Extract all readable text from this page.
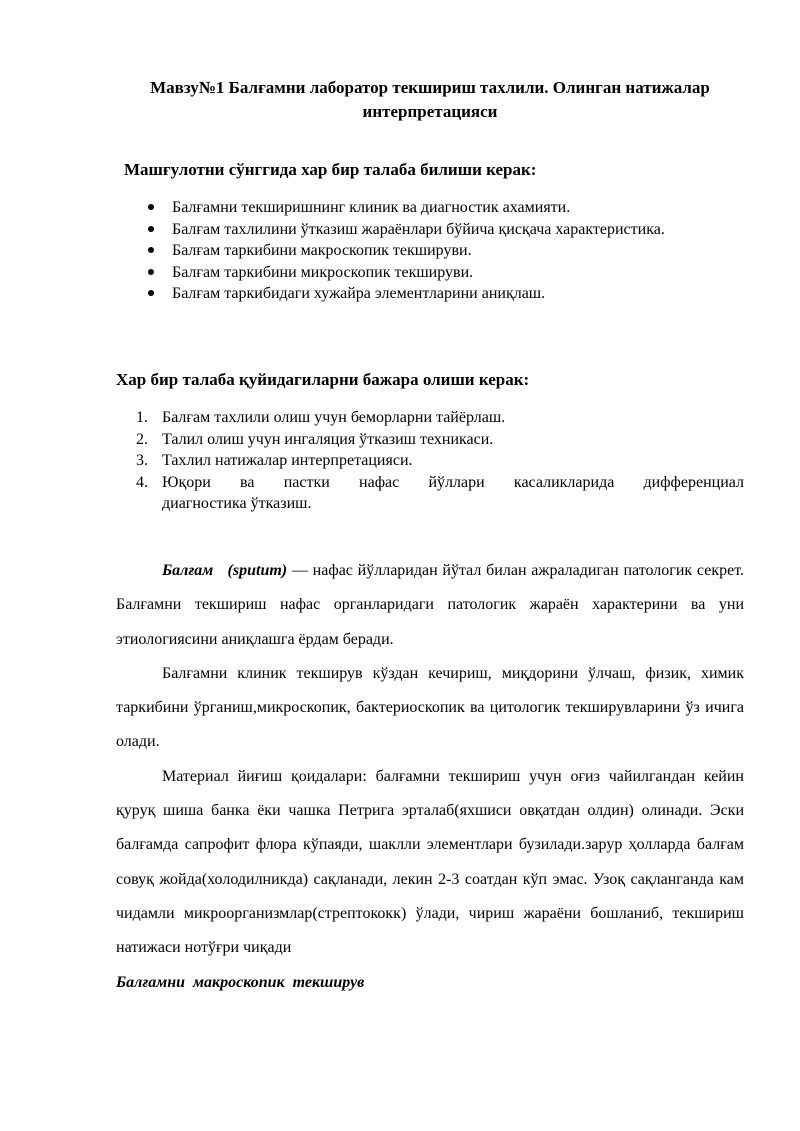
Мавзу№1 Балғамни лаборатор текшириш тахлили. Олинган натижалар интерпретацияси
Машғулотни сўнггида хар бир талаба билиши керак:
Балғамни текширишнинг клиник ва диагностик ахамияти.
Балғам тахлилини ўтказиш жараёнлари бўйича қисқача характеристика.
Балғам таркибини макроскопик текшируви.
Балғам таркибини микроскопик текшируви.
Балғам таркибидаги хужайра элементларини аниқлаш.
Хар бир талаба қуйидагиларни бажара олиши керак:
1. Балғам тахлили олиш учун беморларни тайёрлаш.
2. Талил олиш учун ингаляция ўтказиш техникаси.
3. Тахлил натижалар интерпретацияси.
4. Юқори ва пастки нафас йўллари касаликларида дифференциал
диагностика ўтказиш.

Балғам (sputum) — нафас йўлларидан йўтал билан ажраладиган патологик секрет. Балғамни текшириш нафас органларидаги патологик жараён характерини ва уни этиологиясини аниқлашга ёрдам беради.

Балғамни клиник текширув кўздан кечириш, миқдорини ўлчаш, физик, химик таркибини ўрганиш,микроскопик, бактериоскопик ва цитологик текширувларини ўз ичига олади.

Материал йиғиш қоидалари: балғамни текшириш учун оғиз чайилгандан кейин қуруқ шиша банка ёки чашка Петрига эрталаб(яхшиси овқатдан олдин) олинади. Эски балғамда сапрофит флора кўпаяди, шаклли элементлари бузилади.зарур ҳолларда балғам совуқ жойда(холодилникда) сақланади, лекин 2-3 соатдан кўп эмас. Узоқ сақланганда кам чидамли микроорганизмлар(стрептококк) ўлади, чириш жараёни бошланиб, текшириш натижаси нотўғри чиқади

Балғамни макроскопик текширув
